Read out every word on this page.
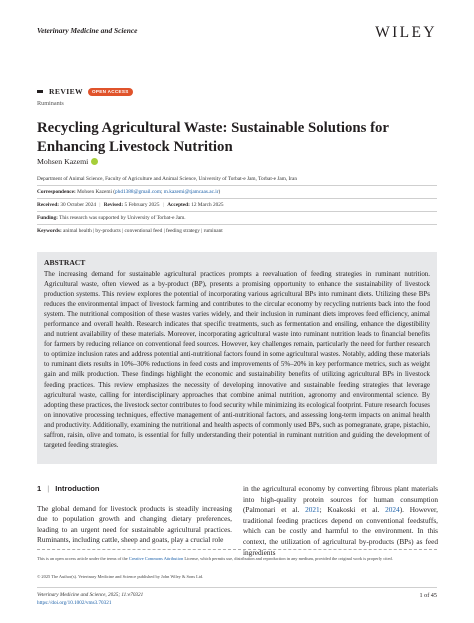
Veterinary Medicine and Science	WILEY
REVIEW	OPEN ACCESS
Ruminants
Recycling Agricultural Waste: Sustainable Solutions for Enhancing Livestock Nutrition
Mohsen Kazemi
Department of Animal Science, Faculty of Agriculture and Animal Science, University of Torbat-e Jam, Torbat-e Jam, Iran
Correspondence: Mohsen Kazemi (phd1388@gmail.com; m.kazemi@tjamcaas.ac.ir)
Received: 30 October 2024 | Revised: 5 February 2025 | Accepted: 12 March 2025
Funding: This research was supported by University of Torbat-e Jam.
Keywords: animal health | by-products | conventional feed | feeding strategy | ruminant
ABSTRACT
The increasing demand for sustainable agricultural practices prompts a reevaluation of feeding strategies in ruminant nutrition. Agricultural waste, often viewed as a by-product (BP), presents a promising opportunity to enhance the sustainability of livestock production systems. This review explores the potential of incorporating various agricultural BPs into ruminant diets. Utilizing these BPs reduces the environmental impact of livestock farming and contributes to the circular economy by recycling nutrients back into the food system. The nutritional composition of these wastes varies widely, and their inclusion in ruminant diets improves feed efficiency, animal performance and overall health. Research indicates that specific treatments, such as fermentation and ensiling, enhance the digestibility and nutrient availability of these materials. Moreover, incorporating agricultural waste into ruminant nutrition leads to financial benefits for farmers by reducing reliance on conventional feed sources. However, key challenges remain, particularly the need for further research to optimize inclusion rates and address potential anti-nutritional factors found in some agricultural wastes. Notably, adding these materials to ruminant diets results in 10%–30% reductions in feed costs and improvements of 5%–20% in key performance metrics, such as weight gain and milk production. These findings highlight the economic and sustainability benefits of utilizing agricultural BPs in livestock feeding practices. This review emphasizes the necessity of developing innovative and sustainable feeding strategies that leverage agricultural waste, calling for interdisciplinary approaches that combine animal nutrition, agronomy and environmental science. By adopting these practices, the livestock sector contributes to food security while minimizing its ecological footprint. Future research focuses on innovative processing techniques, effective management of anti-nutritional factors, and assessing long-term impacts on animal health and productivity. Additionally, examining the nutritional and health aspects of commonly used BPs, such as pomegranate, grape, pistachio, saffron, raisin, olive and tomato, is essential for fully understanding their potential in ruminant nutrition and guiding the development of targeted feeding strategies.
1 | Introduction
The global demand for livestock products is steadily increasing due to population growth and changing dietary preferences, leading to an urgent need for sustainable agricultural practices. Ruminants, including cattle, sheep and goats, play a crucial role
in the agricultural economy by converting fibrous plant materials into high-quality protein sources for human consumption (Palmonari et al. 2021; Koakoski et al. 2024). However, traditional feeding practices depend on conventional feedstuffs, which can be costly and harmful to the environment. In this context, the utilization of agricultural by-products (BPs) as feed ingredients
This is an open access article under the terms of the Creative Commons Attribution License, which permits use, distribution and reproduction in any medium, provided the original work is properly cited.
© 2025 The Author(s). Veterinary Medicine and Science published by John Wiley & Sons Ltd.
Veterinary Medicine and Science, 2025; 11:e70321
https://doi.org/10.1002/vms3.70321
1 of 45
